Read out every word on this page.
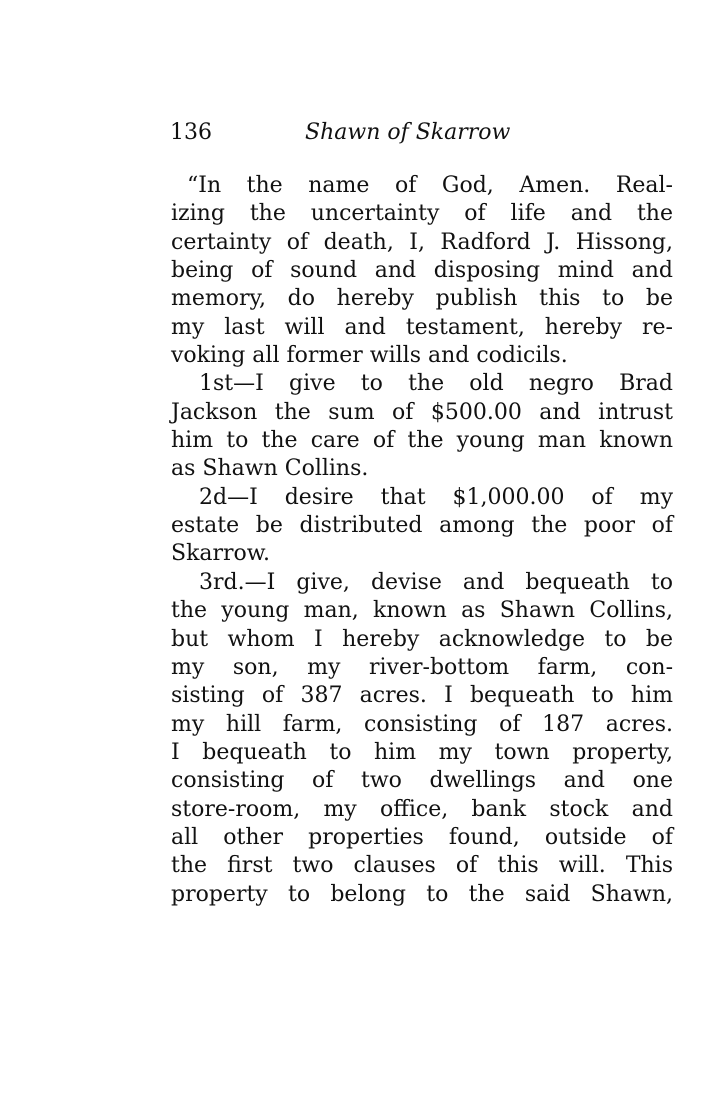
136	Shawn of Skarrow
“In the name of God, Amen. Real-
izing the uncertainty of life and the
certainty of death, I, Radford J. Hissong,
being of sound and disposing mind and
memory, do hereby publish this to be
my last will and testament, hereby re-
voking all former wills and codicils.
1st—I give to the old negro Brad
Jackson the sum of $500.00 and intrust
him to the care of the young man known
as Shawn Collins.
2d—I desire that $1,000.00 of my
estate be distributed among the poor of
Skarrow.
3rd.—I give, devise and bequeath to
the young man, known as Shawn Collins,
but whom I hereby acknowledge to be
my son, my river-bottom farm, con-
sisting of 387 acres. I bequeath to him
my hill farm, consisting of 187 acres.
I bequeath to him my town property,
consisting of two dwellings and one
store-room, my office, bank stock and
all other properties found, outside of
the first two clauses of this will. This
property to belong to the said Shawn,
